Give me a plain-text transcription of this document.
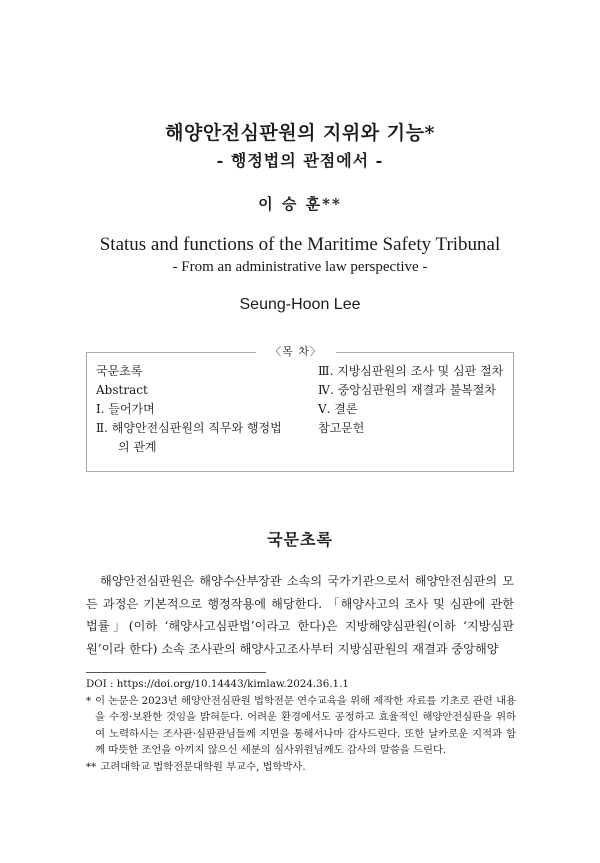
해양안전심판원의 지위와 기능*
- 행정법의 관점에서 -
이 승 훈**
Status and functions of the Maritime Safety Tribunal
- From an administrative law perspective -
Seung-Hoon Lee
〈목 차〉
국문초록
Abstract
Ⅰ. 들어가며
Ⅱ. 해양안전심판원의 직무와 행정법
의 관계
Ⅲ. 지방심판원의 조사 및 심판 절차
Ⅳ. 중앙심판원의 재결과 불복절차
Ⅴ. 결론
참고문헌
국문초록
해양안전심판원은 해양수산부장관 소속의 국가기관으로서 해양안전심판의 모든 과정은 기본적으로 행정작용에 해당한다. 「해양사고의 조사 및 심판에 관한 법률」(이하 ‘해양사고심판법’이라고 한다)은 지방해양심판원(이하 ‘지방심판원’이라 한다) 소속 조사관의 해양사고조사부터 지방심판원의 재결과 중앙해양
DOI : https://doi.org/10.14443/kimlaw.2024.36.1.1
* 이 논문은 2023년 해양안전심판원 법학전문 연수교육을 위해 제작한 자료를 기초로 관련 내용을 수정·보완한 것임을 밝혀둔다. 어려운 환경에서도 공정하고 효율적인 해양안전심판을 위하여 노력하시는 조사관·심판관님들께 지면을 통해서나마 감사드린다. 또한 날카로운 지적과 함께 따뜻한 조언을 아끼지 않으신 세분의 심사위원님께도 감사의 말씀을 드린다.
** 고려대학교 법학전문대학원 부교수, 법학박사.
